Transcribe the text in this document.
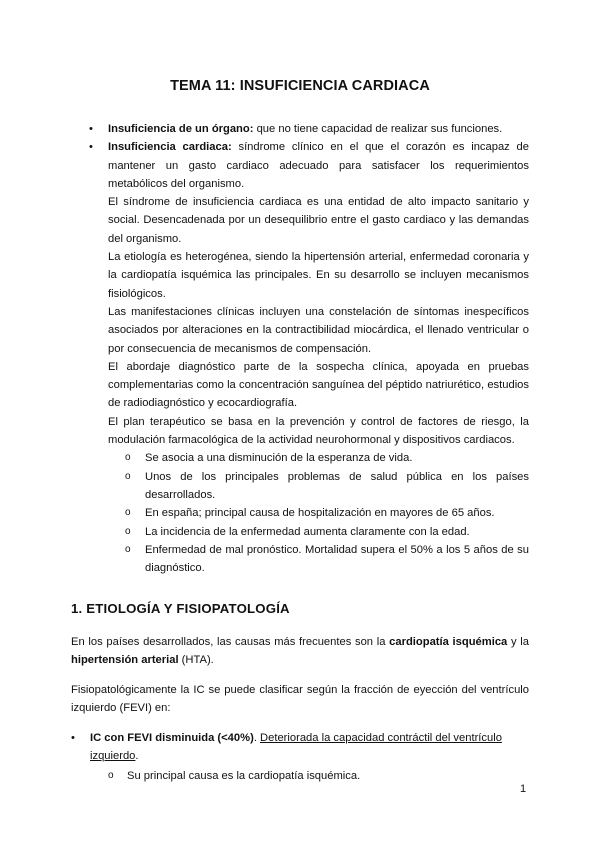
TEMA 11: INSUFICIENCIA CARDIACA

• Insuficiencia de un órgano: que no tiene capacidad de realizar sus funciones.

• Insuficiencia cardiaca: síndrome clínico en el que el corazón es incapaz de mantener un gasto cardiaco adecuado para satisfacer los requerimientos metabólicos del organismo.

El síndrome de insuficiencia cardiaca es una entidad de alto impacto sanitario y social. Desencadenada por un desequilibrio entre el gasto cardiaco y las demandas del organismo.

La etiología es heterogénea, siendo la hipertensión arterial, enfermedad coronaria y la cardiopatía isquémica las principales. En su desarrollo se incluyen mecanismos fisiológicos.

Las manifestaciones clínicas incluyen una constelación de síntomas inespecíficos asociados por alteraciones en la contractibilidad miocárdica, el llenado ventricular o por consecuencia de mecanismos de compensación.

El abordaje diagnóstico parte de la sospecha clínica, apoyada en pruebas complementarias como la concentración sanguínea del péptido natriurético, estudios de radiodiagnóstico y ecocardiografía.

El plan terapéutico se basa en la prevención y control de factores de riesgo, la modulación farmacológica de la actividad neurohormonal y dispositivos cardiacos.

o Se asocia a una disminución de la esperanza de vida.
o Unos de los principales problemas de salud pública en los países desarrollados.
o En españa; principal causa de hospitalización en mayores de 65 años.
o La incidencia de la enfermedad aumenta claramente con la edad.
o Enfermedad de mal pronóstico. Mortalidad supera el 50% a los 5 años de su diagnóstico.
1. ETIOLOGÍA Y FISIOPATOLOGÍA

En los países desarrollados, las causas más frecuentes son la cardiopatía isquémica y la hipertensión arterial (HTA).

Fisiopatológicamente la IC se puede clasificar según la fracción de eyección del ventrículo izquierdo (FEVI) en:

• IC con FEVI disminuida (<40%). Deteriorada la capacidad contráctil del ventrículo izquierdo.
o Su principal causa es la cardiopatía isquémica.
1
